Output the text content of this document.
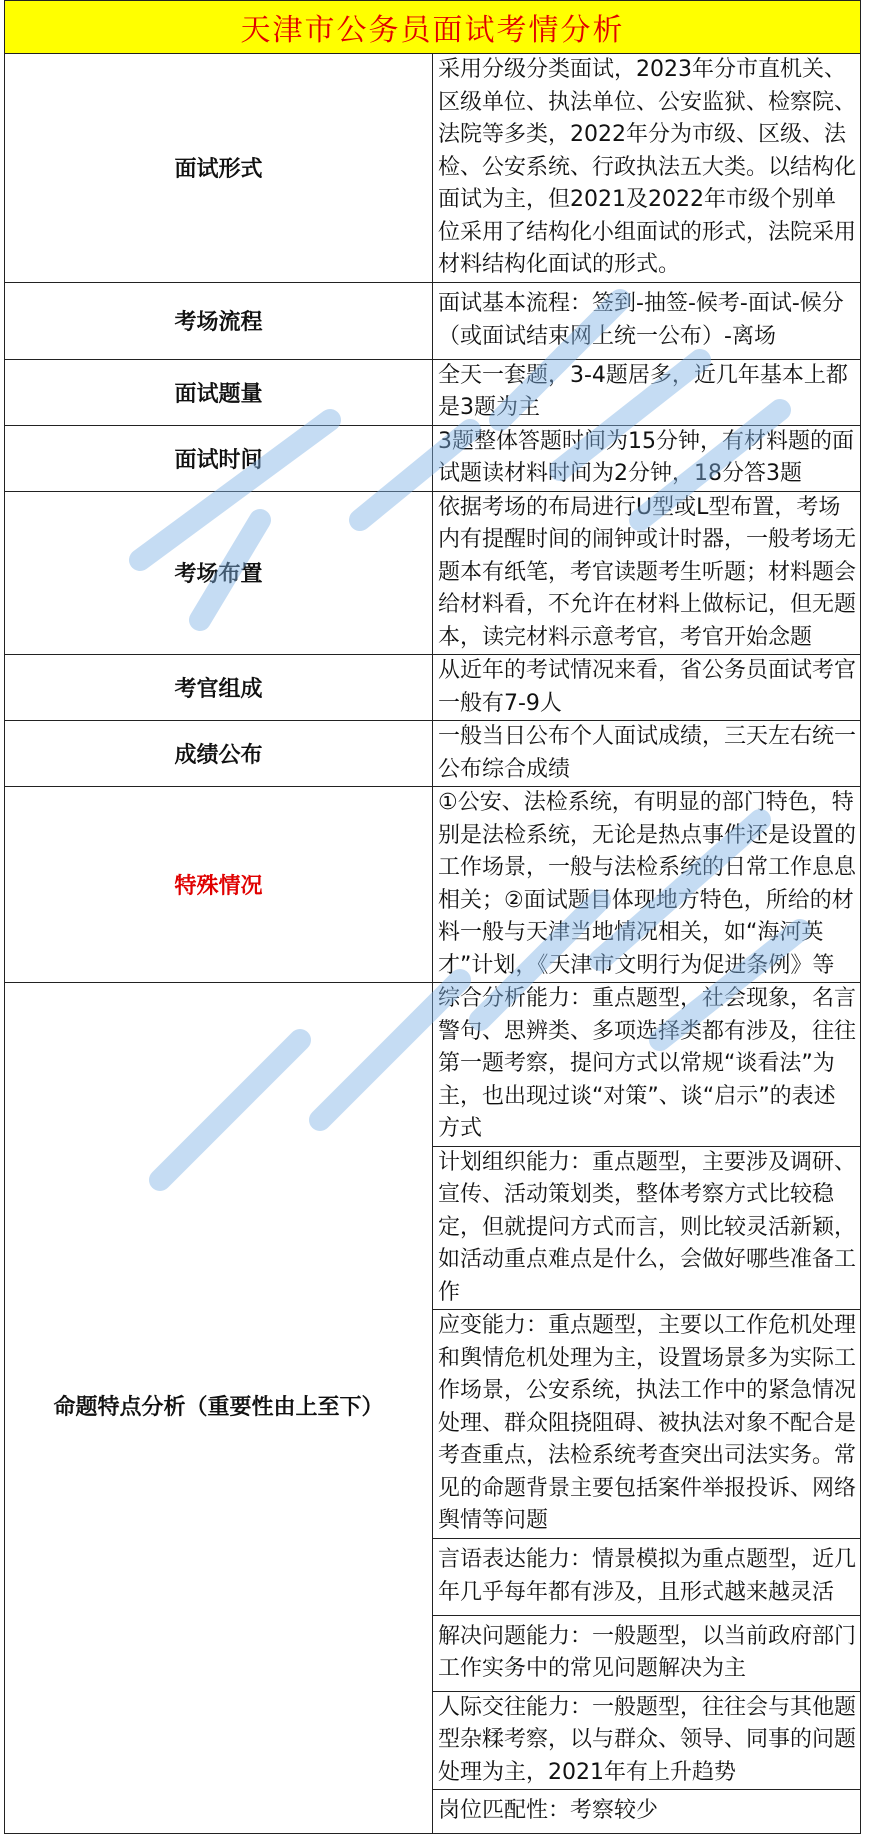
天津市公务员面试考情分析	
面试形式	采用分级分类面试，2023年分市直机关、区级单位、执法单位、公安监狱、检察院、法院等多类，2022年分为市级、区级、法检、公安系统、行政执法五大类。以结构化面试为主，但2021及2022年市级个别单位采用了结构化小组面试的形式，法院采用材料结构化面试的形式。
考场流程	面试基本流程：签到-抽签-候考-面试-候分（或面试结束网上统一公布）-离场
面试题量	全天一套题，3-4题居多，近几年基本上都是3题为主
面试时间	3题整体答题时间为15分钟，有材料题的面试题读材料时间为2分钟，18分答3题
考场布置	依据考场的布局进行U型或L型布置，考场内有提醒时间的闹钟或计时器，一般考场无题本有纸笔，考官读题考生听题；材料题会给材料看，不允许在材料上做标记，但无题本，读完材料示意考官，考官开始念题
考官组成	从近年的考试情况来看，省公务员面试考官一般有7-9人
成绩公布	一般当日公布个人面试成绩，三天左右统一公布综合成绩
特殊情况	①公安、法检系统，有明显的部门特色，特别是法检系统，无论是热点事件还是设置的工作场景，一般与法检系统的日常工作息息相关；②面试题目体现地方特色，所给的材料一般与天津当地情况相关，如“海河英才”计划，《天津市文明行为促进条例》等
命题特点分析（重要性由上至下）	综合分析能力：重点题型，社会现象，名言警句、思辨类、多项选择类都有涉及，往往第一题考察，提问方式以常规“谈看法”为主，也出现过谈“对策”、谈“启示”的表述方式
	计划组织能力：重点题型，主要涉及调研、宣传、活动策划类，整体考察方式比较稳定，但就提问方式而言，则比较灵活新颖，如活动重点难点是什么，会做好哪些准备工作
	应变能力：重点题型，主要以工作危机处理和舆情危机处理为主，设置场景多为实际工作场景，公安系统，执法工作中的紧急情况处理、群众阻挠阻碍、被执法对象不配合是考查重点，法检系统考查突出司法实务。常见的命题背景主要包括案件举报投诉、网络舆情等问题
	言语表达能力：情景模拟为重点题型，近几年几乎每年都有涉及，且形式越来越灵活
	解决问题能力：一般题型，以当前政府部门工作实务中的常见问题解决为主
	人际交往能力：一般题型，往往会与其他题型杂糅考察，以与群众、领导、同事的问题处理为主，2021年有上升趋势
	岗位匹配性：考察较少
